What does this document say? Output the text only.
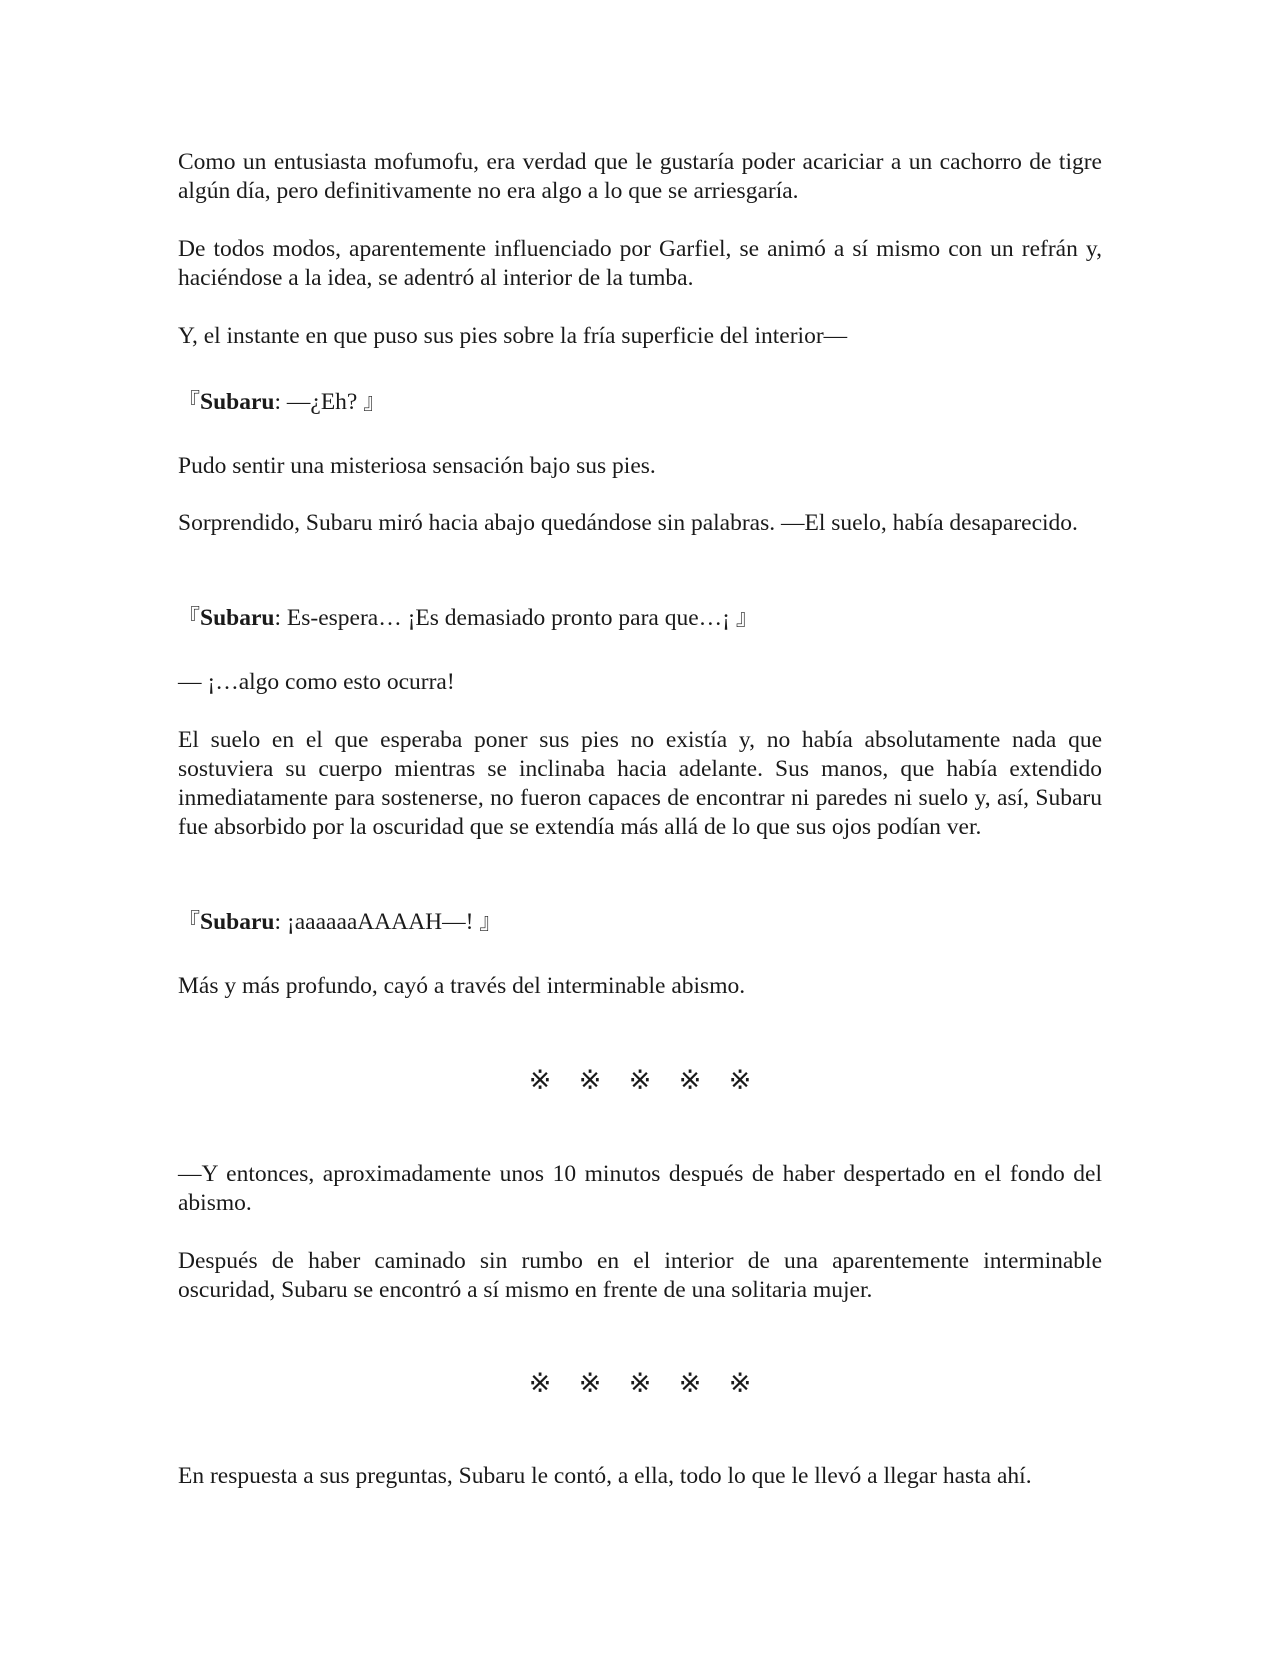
Como un entusiasta mofumofu, era verdad que le gustaría poder acariciar a un cachorro de tigre algún día, pero definitivamente no era algo a lo que se arriesgaría.

De todos modos, aparentemente influenciado por Garfiel, se animó a sí mismo con un refrán y, haciéndose a la idea, se adentró al interior de la tumba.

Y, el instante en que puso sus pies sobre la fría superficie del interior—

『Subaru: —¿Eh? 』

Pudo sentir una misteriosa sensación bajo sus pies.

Sorprendido, Subaru miró hacia abajo quedándose sin palabras. —El suelo, había desaparecido.

『Subaru: Es-espera… ¡Es demasiado pronto para que…¡ 』

— ¡…algo como esto ocurra!

El suelo en el que esperaba poner sus pies no existía y, no había absolutamente nada que sostuviera su cuerpo mientras se inclinaba hacia adelante. Sus manos, que había extendido inmediatamente para sostenerse, no fueron capaces de encontrar ni paredes ni suelo y, así, Subaru fue absorbido por la oscuridad que se extendía más allá de lo que sus ojos podían ver.

『Subaru: ¡aaaaaaAAAAH—! 』

Más y más profundo, cayó a través del interminable abismo.

—Y entonces, aproximadamente unos 10 minutos después de haber despertado en el fondo del abismo.

Después de haber caminado sin rumbo en el interior de una aparentemente interminable oscuridad, Subaru se encontró a sí mismo en frente de una solitaria mujer.

En respuesta a sus preguntas, Subaru le contó, a ella, todo lo que le llevó a llegar hasta ahí.

※ ※ ※ ※ ※
※ ※ ※ ※ ※
